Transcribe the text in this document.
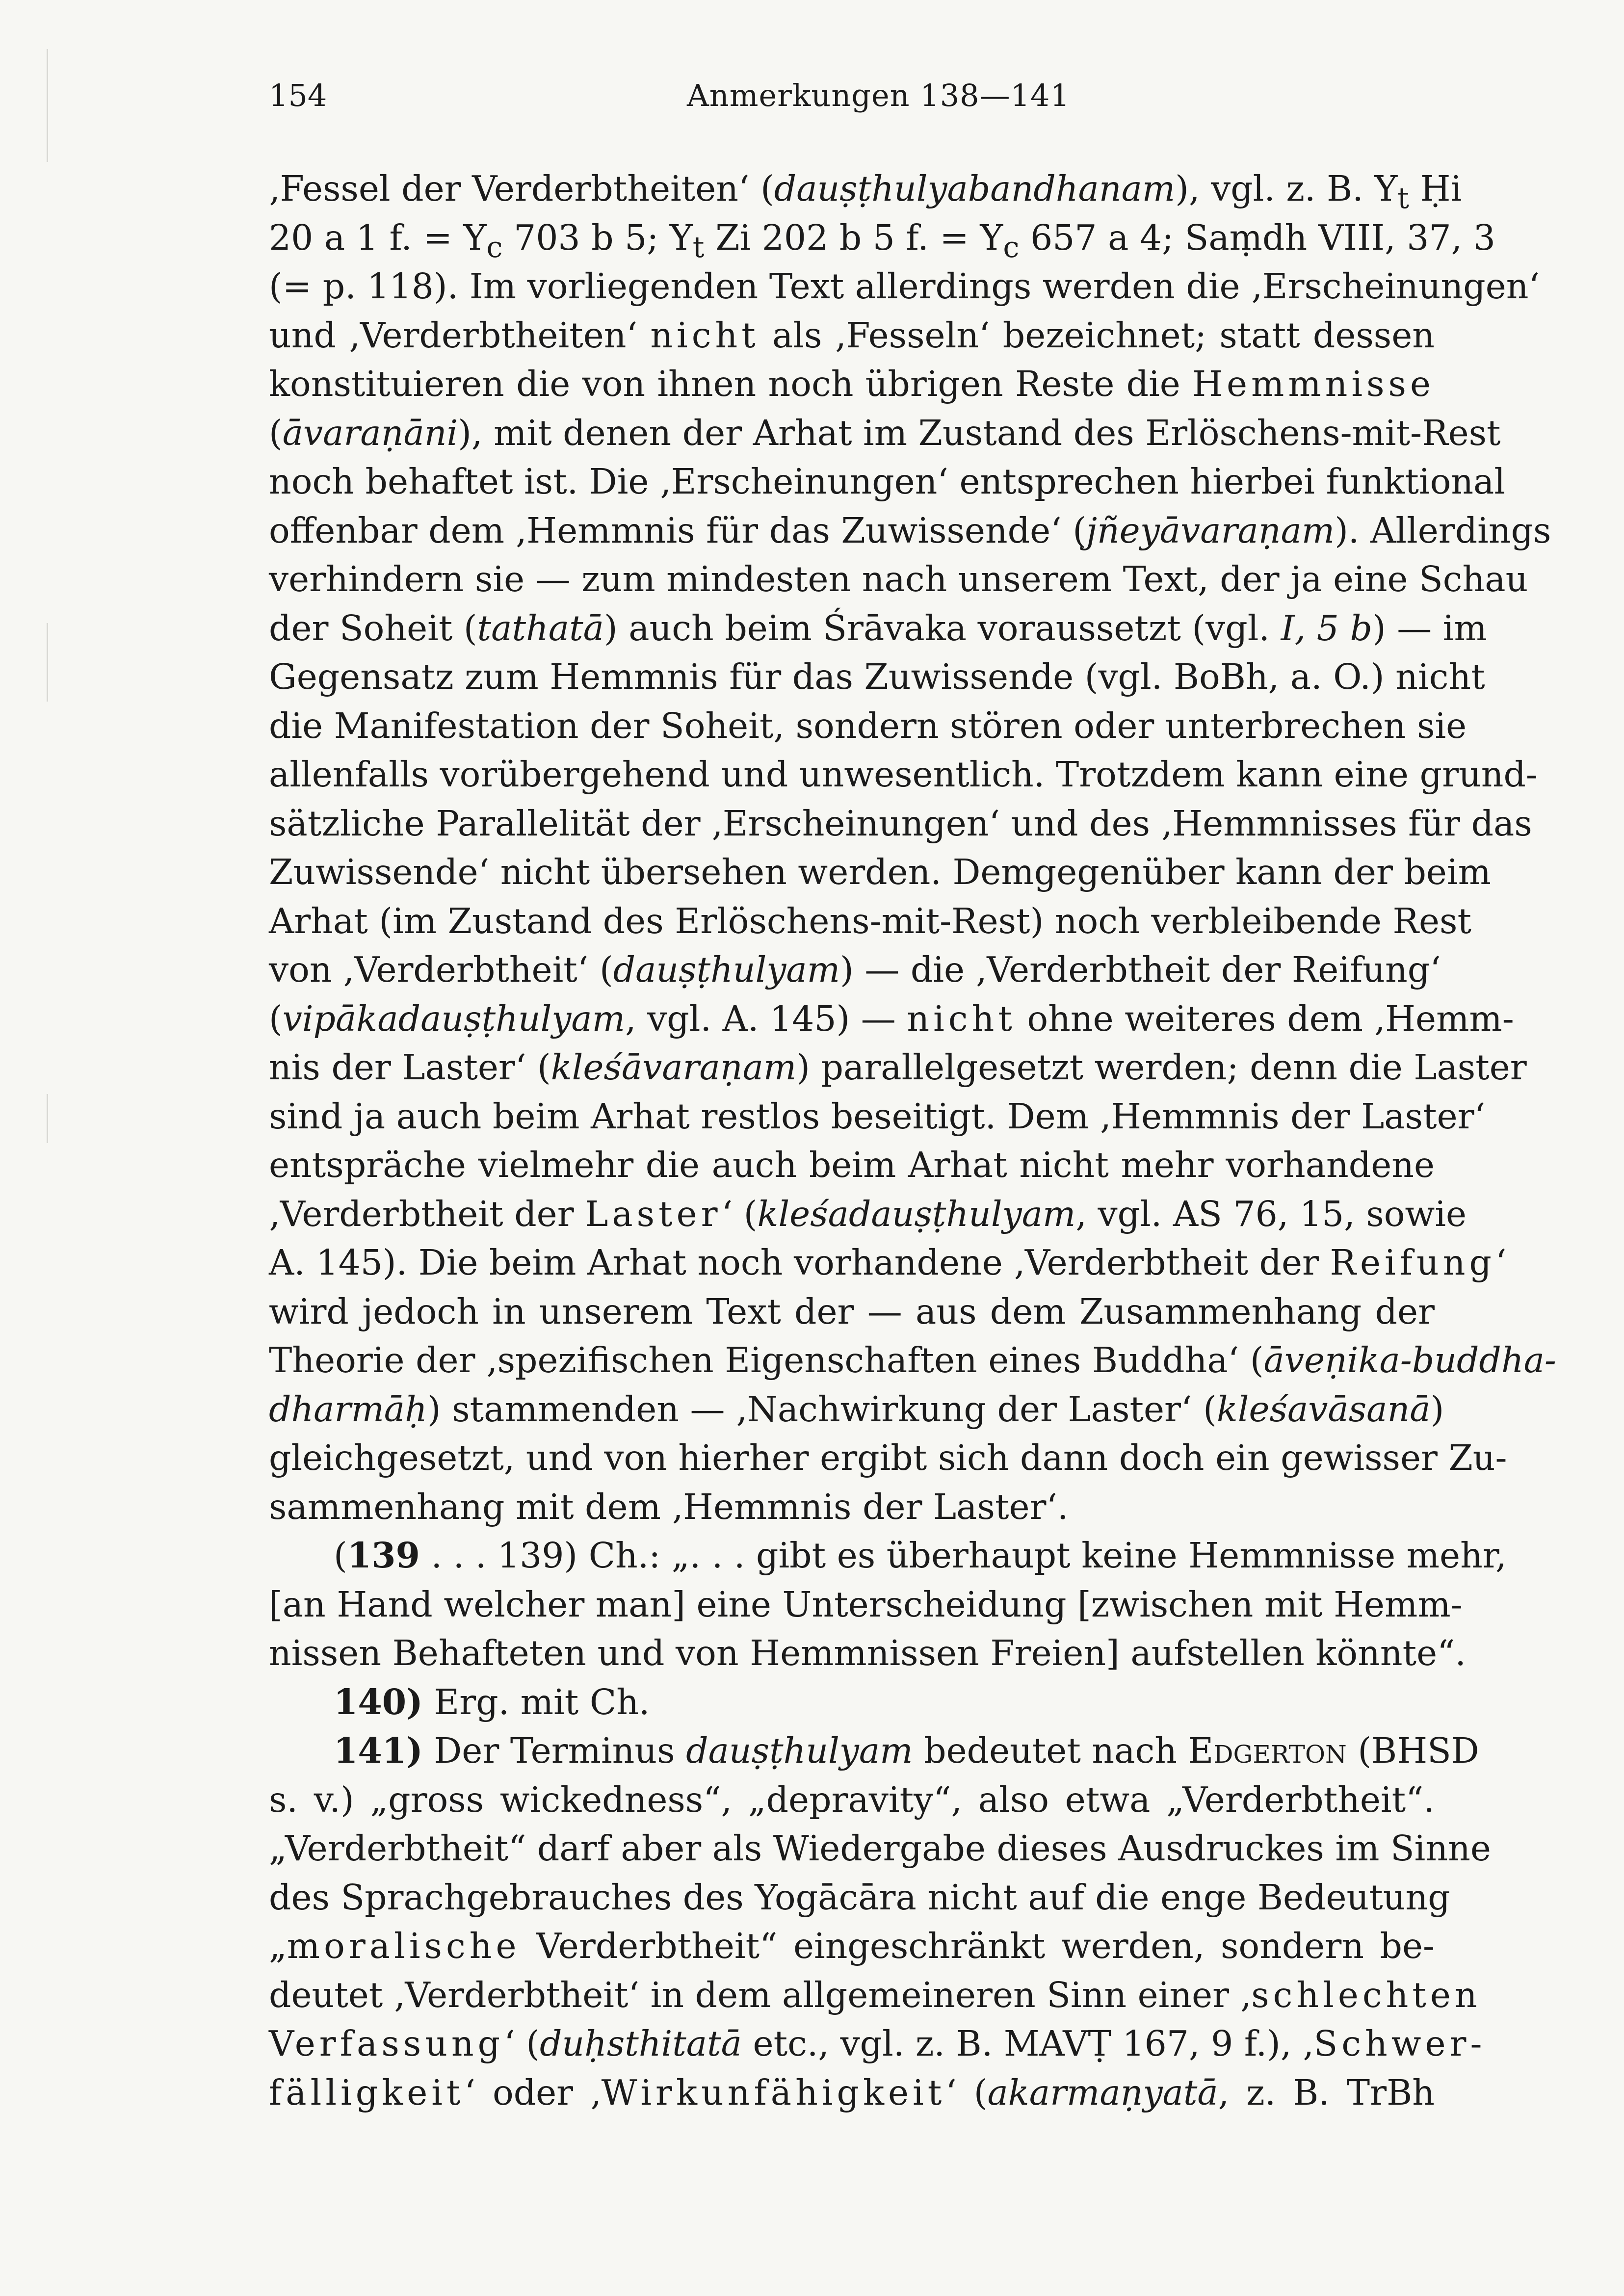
154	Anmerkungen 138—141
‚Fessel der Verderbtheiten‘ (dauṣṭhulyabandhanam), vgl. z. B. $Y_t$ Ḥi
20 a 1 f. = $Y_c$ 703 b 5; $Y_t$ Zi 202 b 5 f. = $Y_c$ 657 a 4; Saṃdh VIII, 37, 3
(= p. 118). Im vorliegenden Text allerdings werden die ‚Erscheinungen‘
und ‚Verderbtheiten‘ nicht als ‚Fesseln‘ bezeichnet; statt dessen
konstituieren die von ihnen noch übrigen Reste die Hemmnisse
(āvaraṇāni), mit denen der Arhat im Zustand des Erlöschens-mit-Rest
noch behaftet ist. Die ‚Erscheinungen‘ entsprechen hierbei funktional
offenbar dem ‚Hemmnis für das Zuwissende‘ (jñeyāvaraṇam). Allerdings
verhindern sie — zum mindesten nach unserem Text, der ja eine Schau
der Soheit (tathatā) auch beim Śrāvaka voraussetzt (vgl. I, 5 b) — im
Gegensatz zum Hemmnis für das Zuwissende (vgl. BoBh, a. O.) nicht
die Manifestation der Soheit, sondern stören oder unterbrechen sie
allenfalls vorübergehend und unwesentlich. Trotzdem kann eine grund-
sätzliche Parallelität der ‚Erscheinungen‘ und des ‚Hemmnisses für das
Zuwissende‘ nicht übersehen werden. Demgegenüber kann der beim
Arhat (im Zustand des Erlöschens-mit-Rest) noch verbleibende Rest
von ‚Verderbtheit‘ (dauṣṭhulyam) — die ‚Verderbtheit der Reifung‘
(vipākadauṣṭhulyam, vgl. A. 145) — nicht ohne weiteres dem ‚Hemm-
nis der Laster‘ (kleśāvaraṇam) parallelgesetzt werden; denn die Laster
sind ja auch beim Arhat restlos beseitigt. Dem ‚Hemmnis der Laster‘
entspräche vielmehr die auch beim Arhat nicht mehr vorhandene
‚Verderbtheit der Laster‘ (kleśadauṣṭhulyam, vgl. AS 76, 15, sowie
A. 145). Die beim Arhat noch vorhandene ‚Verderbtheit der Reifung‘
wird jedoch in unserem Text der — aus dem Zusammenhang der
Theorie der ‚spezifischen Eigenschaften eines Buddha‘ (āveṇika-buddha-
dharmāḥ) stammenden — ‚Nachwirkung der Laster‘ (kleśavāsanā)
gleichgesetzt, und von hierher ergibt sich dann doch ein gewisser Zu-
sammenhang mit dem ‚Hemmnis der Laster‘.
(139 . . . 139) Ch.: „. . . gibt es überhaupt keine Hemmnisse mehr,
[an Hand welcher man] eine Unterscheidung [zwischen mit Hemm-
nissen Behafteten und von Hemmnissen Freien] aufstellen könnte“.
140) Erg. mit Ch.
141) Der Terminus dauṣṭhulyam bedeutet nach Edgerton (BHSD
s. v.) „gross wickedness“, „depravity“, also etwa „Verderbtheit“.
„Verderbtheit“ darf aber als Wiedergabe dieses Ausdruckes im Sinne
des Sprachgebrauches des Yogācāra nicht auf die enge Bedeutung
„moralische Verderbtheit“ eingeschränkt werden, sondern be-
deutet ‚Verderbtheit‘ in dem allgemeineren Sinn einer ‚schlechten
Verfassung‘ (duḥsthitatā etc., vgl. z. B. MAVṬ 167, 9 f.), ‚Schwer-
fälligkeit‘ oder ‚Wirkunfähigkeit‘ (akarmaṇyatā, z. B. TrBh
